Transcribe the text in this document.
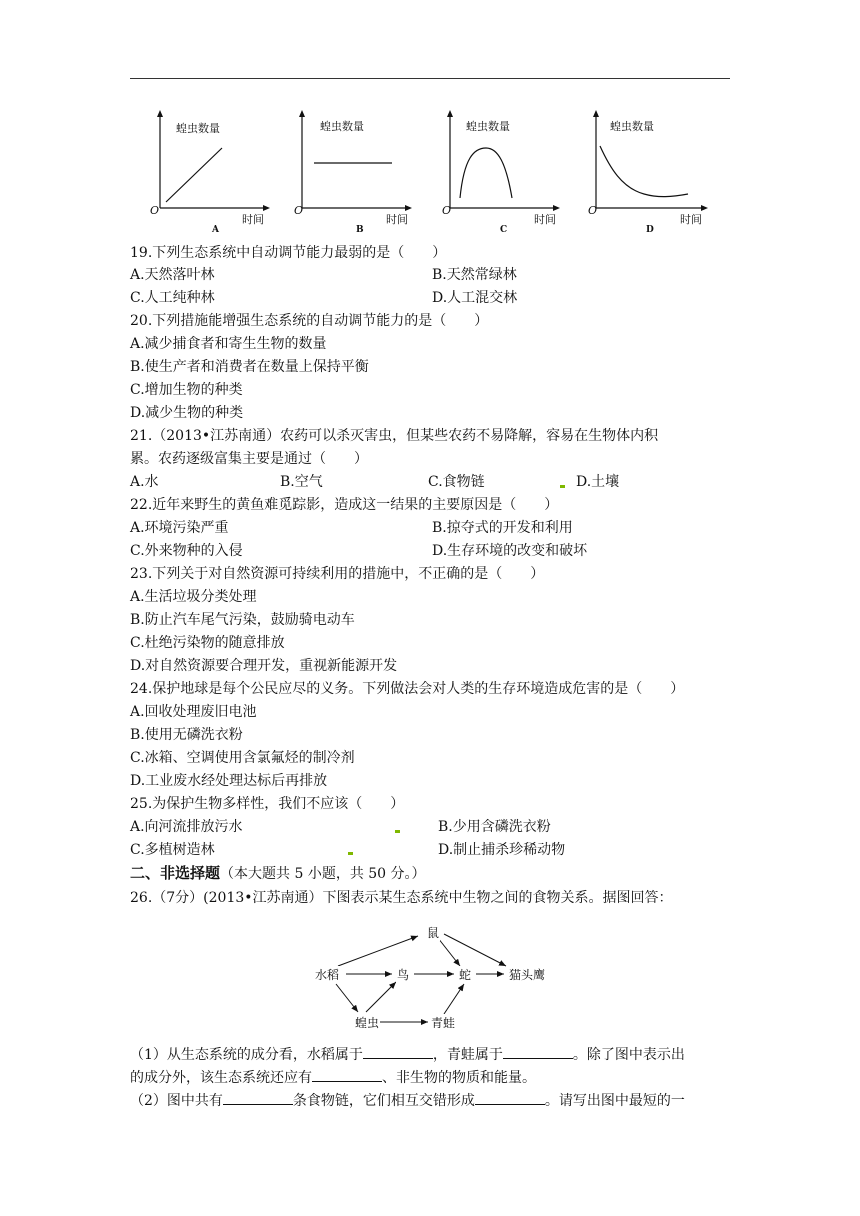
蝗虫数量
O
时间
A
蝗虫数量
O
时间
B
蝗虫数量
O
时间
C
蝗虫数量
O
时间
D
19.下列生态系统中自动调节能力最弱的是（　　）
A.天然落叶林	B.天然常绿林
C.人工纯种林	D.人工混交林
20.下列措施能增强生态系统的自动调节能力的是（　　）
A.减少捕食者和寄生生物的数量
B.使生产者和消费者在数量上保持平衡
C.增加生物的种类
D.减少生物的种类
21.（2013•江苏南通）农药可以杀灭害虫，但某些农药不易降解，容易在生物体内积
累。农药逐级富集主要是通过（　　）
A.水	B.空气	C.食物链	D.土壤
22.近年来野生的黄鱼难觅踪影，造成这一结果的主要原因是（　　）
A.环境污染严重	B.掠夺式的开发和利用
C.外来物种的入侵	D.生存环境的改变和破坏
23.下列关于对自然资源可持续利用的措施中，不正确的是（　　）
A.生活垃圾分类处理
B.防止汽车尾气污染，鼓励骑电动车
C.杜绝污染物的随意排放
D.对自然资源要合理开发，重视新能源开发
24.保护地球是每个公民应尽的义务。下列做法会对人类的生存环境造成危害的是（　　）
A.回收处理废旧电池
B.使用无磷洗衣粉
C.冰箱、空调使用含氯氟烃的制冷剂
D.工业废水经处理达标后再排放
25.为保护生物多样性，我们不应该（　　）
A.向河流排放污水	B.少用含磷洗衣粉
C.多植树造林	D.制止捕杀珍稀动物
二、非选择题（本大题共 5 小题，共 50 分。）
26.（7分）(2013•江苏南通）下图表示某生态系统中生物之间的食物关系。据图回答：
鼠
水稻	鸟	蛇	猫头鹰
蝗虫	青蛙
（1）从生态系统的成分看，水稻属于	，青蛙属于	。除了图中表示出
的成分外，该生态系统还应有	、非生物的物质和能量。
（2）图中共有	条食物链，它们相互交错形成	。请写出图中最短的一
